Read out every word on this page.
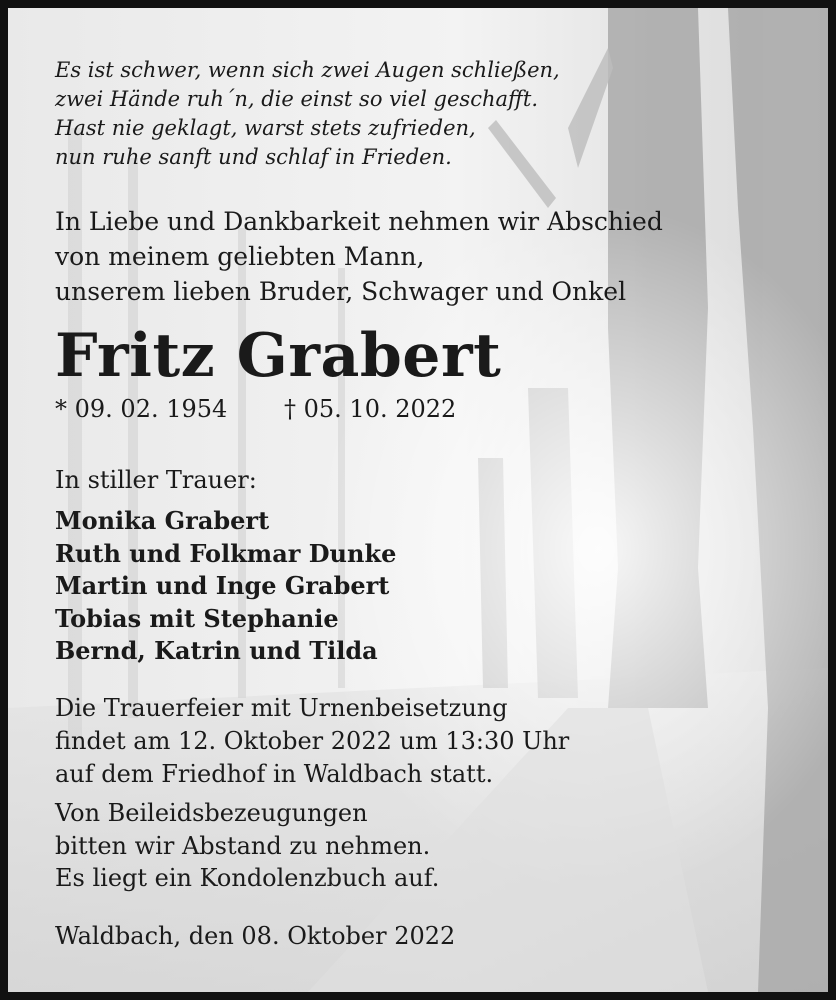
Es ist schwer, wenn sich zwei Augen schließen,
zwei Hände ruh´n, die einst so viel geschafft.
Hast nie geklagt, warst stets zufrieden,
nun ruhe sanft und schlaf in Frieden.
In Liebe und Dankbarkeit nehmen wir Abschied
von meinem geliebten Mann,
unserem lieben Bruder, Schwager und Onkel
Fritz Grabert
* 09. 02. 1954 † 05. 10. 2022
In stiller Trauer:
Monika Grabert
Ruth und Folkmar Dunke
Martin und Inge Grabert
Tobias mit Stephanie
Bernd, Katrin und Tilda
Die Trauerfeier mit Urnenbeisetzung
findet am 12. Oktober 2022 um 13:30 Uhr
auf dem Friedhof in Waldbach statt.
Von Beileidsbezeugungen
bitten wir Abstand zu nehmen.
Es liegt ein Kondolenzbuch auf.
Waldbach, den 08. Oktober 2022
